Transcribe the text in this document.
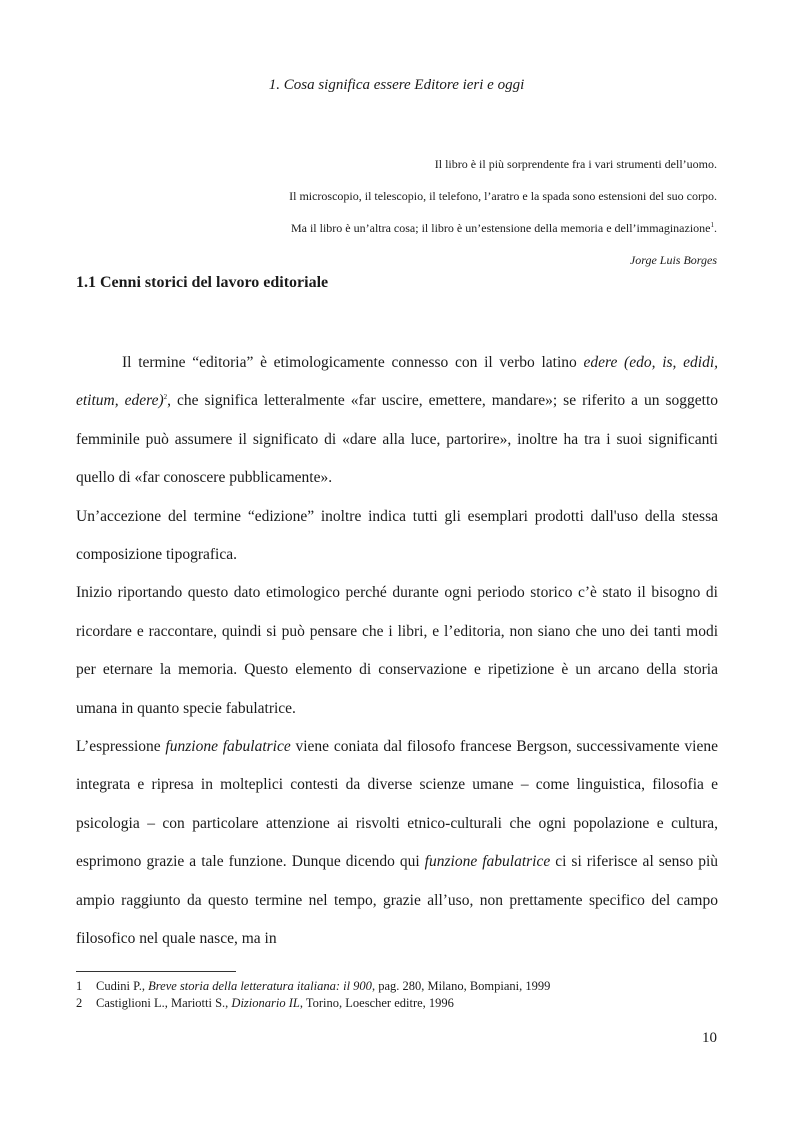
1. Cosa significa essere Editore ieri e oggi
Il libro è il più sorprendente fra i vari strumenti dell’uomo.
Il microscopio, il telescopio, il telefono, l’aratro e la spada sono estensioni del suo corpo.
Ma il libro è un’altra cosa; il libro è un’estensione della memoria e dell’immaginazione$^1$.
Jorge Luis Borges
1.1 Cenni storici del lavoro editoriale

Il termine “editoria” è etimologicamente connesso con il verbo latino edere (edo, is, edidi, etitum, edere)$^2$, che significa letteralmente «far uscire, emettere, mandare»; se riferito a un soggetto femminile può assumere il significato di «dare alla luce, partorire», inoltre ha tra i suoi significanti quello di «far conoscere pubblicamente».

Un’accezione del termine “edizione” inoltre indica tutti gli esemplari prodotti dall'uso della stessa composizione tipografica.

Inizio riportando questo dato etimologico perché durante ogni periodo storico c’è stato il bisogno di ricordare e raccontare, quindi si può pensare che i libri, e l’editoria, non siano che uno dei tanti modi per eternare la memoria. Questo elemento di conservazione e ripetizione è un arcano della storia umana in quanto specie fabulatrice.

L’espressione funzione fabulatrice viene coniata dal filosofo francese Bergson, successivamente viene integrata e ripresa in molteplici contesti da diverse scienze umane – come linguistica, filosofia e psicologia – con particolare attenzione ai risvolti etnico-culturali che ogni popolazione e cultura, esprimono grazie a tale funzione. Dunque dicendo qui funzione fabulatrice ci si riferisce al senso più ampio raggiunto da questo termine nel tempo, grazie all’uso, non prettamente specifico del campo filosofico nel quale nasce, ma in

1 Cudini P., Breve storia della letteratura italiana: il 900, pag. 280, Milano, Bompiani, 1999
2 Castiglioni L., Mariotti S., Dizionario IL, Torino, Loescher editre, 1996
10
